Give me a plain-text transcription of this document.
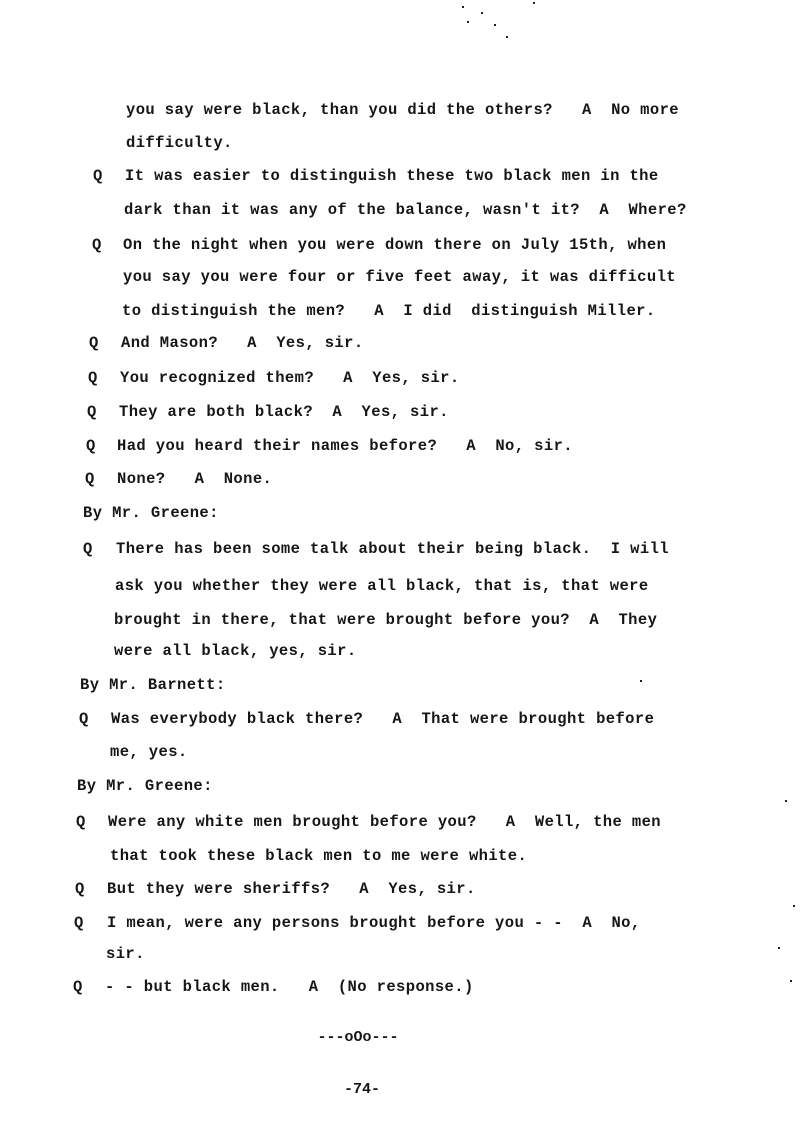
you say were black, than you did the others?   A  No more
difficulty.
Q It was easier to distinguish these two black men in the
dark than it was any of the balance, wasn't it?  A  Where?
Q On the night when you were down there on July 15th, when
you say you were four or five feet away, it was difficult
to distinguish the men?   A  I did  distinguish Miller.
Q And Mason?   A  Yes, sir.
Q You recognized them?   A  Yes, sir.
Q They are both black?  A  Yes, sir.
Q Had you heard their names before?   A  No, sir.
Q None?   A  None.
By Mr. Greene:
Q There has been some talk about their being black.  I will
ask you whether they were all black, that is, that were
brought in there, that were brought before you?  A  They
were all black, yes, sir.
By Mr. Barnett:
Q Was everybody black there?   A  That were brought before
me, yes.
By Mr. Greene:
Q Were any white men brought before you?   A  Well, the men
that took these black men to me were white.
Q But they were sheriffs?   A  Yes, sir.
Q I mean, were any persons brought before you - -  A  No,
sir.
Q - - but black men.   A  (No response.)
---oOo---
-74-
